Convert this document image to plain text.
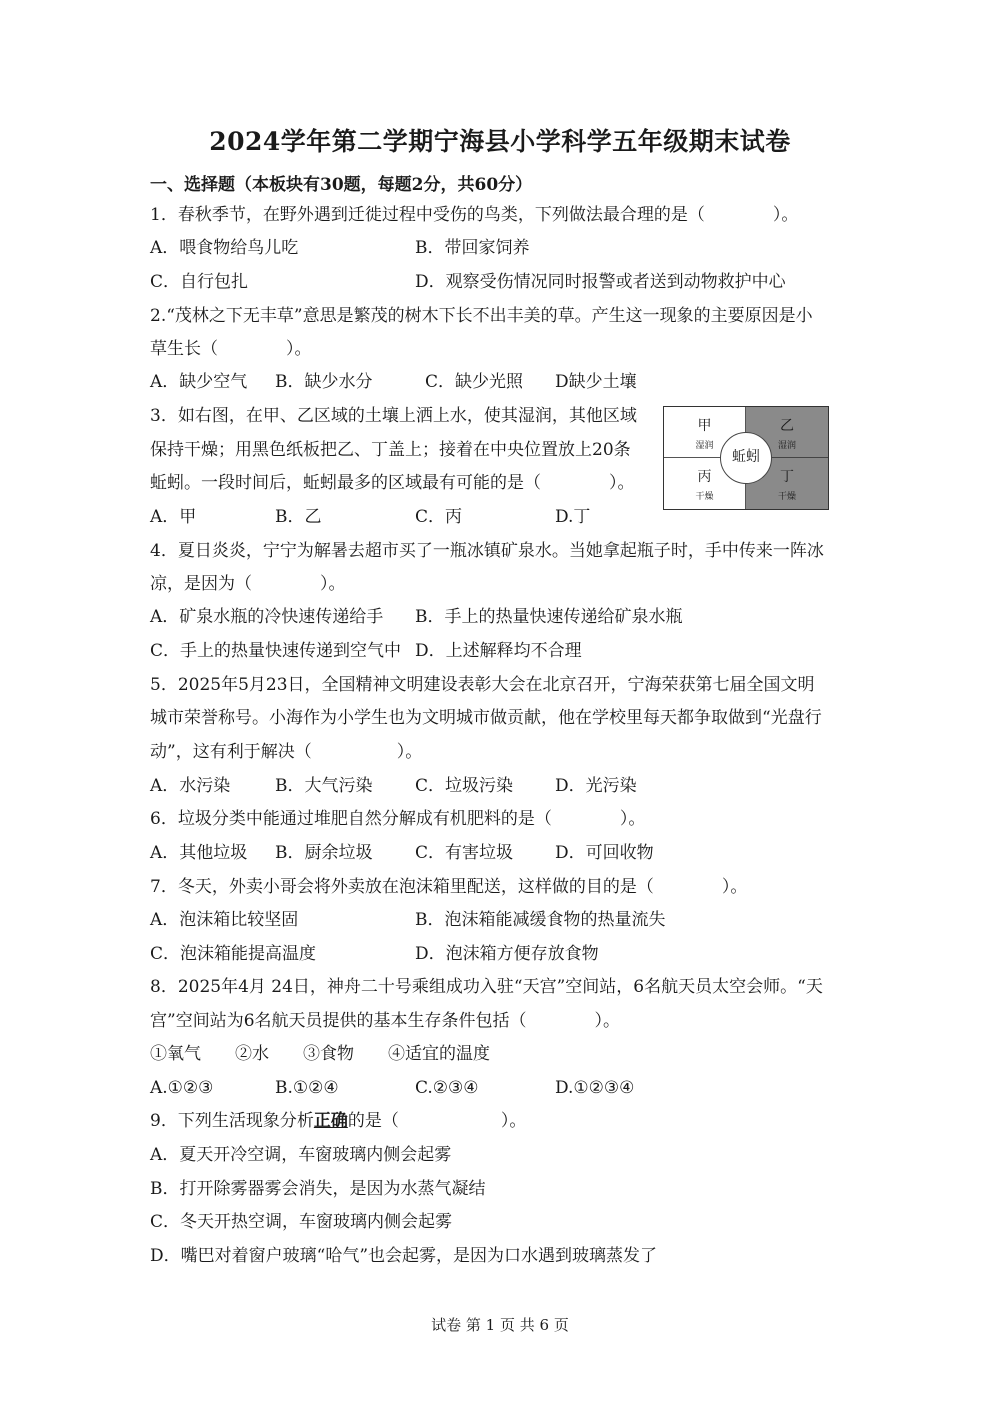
2024学年第二学期宁海县小学科学五年级期末试卷
一、选择题（本板块有30题，每题2分，共60分）
1．春秋季节，在野外遇到迁徙过程中受伤的鸟类，下列做法最合理的是（　　　　）。
A．喂食物给鸟儿吃	B．带回家饲养
C．自行包扎	D．观察受伤情况同时报警或者送到动物救护中心
2.“茂林之下无丰草”意思是繁茂的树木下长不出丰美的草。产生这一现象的主要原因是小
草生长（　　　　）。
A．缺少空气 B．缺少水分	C．缺少光照 D缺少土壤
3．如右图，在甲、乙区域的土壤上洒上水，使其湿润，其他区域
保持干燥；用黑色纸板把乙、丁盖上；接着在中央位置放上20条
蚯蚓。一段时间后，蚯蚓最多的区域最有可能的是（　　　　）。
A．甲	B．乙	C．丙	D.丁
甲
湿润
乙
湿润
丙
干燥
丁
干燥
蚯蚓
4．夏日炎炎，宁宁为解暑去超市买了一瓶冰镇矿泉水。当她拿起瓶子时，手中传来一阵冰
凉，是因为（　　　　）。
A．矿泉水瓶的冷快速传递给手 B．手上的热量快速传递给矿泉水瓶
C．手上的热量快速传递到空气中 D．上述解释均不合理
5．2025年5月23日，全国精神文明建设表彰大会在北京召开，宁海荣获第七届全国文明
城市荣誉称号。小海作为小学生也为文明城市做贡献，他在学校里每天都争取做到“光盘行
动”，这有利于解决（　　　　　）。
A．水污染	B．大气污染	C．垃圾污染 D．光污染
6．垃圾分类中能通过堆肥自然分解成有机肥料的是（　　　　）。
A．其他垃圾 B．厨余垃圾	C．有害垃圾 D．可回收物
7．冬天，外卖小哥会将外卖放在泡沫箱里配送，这样做的目的是（　　　　）。
A．泡沫箱比较坚固	B．泡沫箱能减缓食物的热量流失
C．泡沫箱能提高温度	D．泡沫箱方便存放食物
8．2025年4月 24日，神舟二十号乘组成功入驻“天宫”空间站，6名航天员太空会师。“天
宫”空间站为6名航天员提供的基本生存条件包括（　　　　）。
①氧气　　②水　　③食物　　④适宜的温度
A.①②③	B.①②④	C.②③④	D.①②③④
9．下列生活现象分析正确的是（　　　　　　）。
A．夏天开冷空调，车窗玻璃内侧会起雾
B．打开除雾器雾会消失，是因为水蒸气凝结
C．冬天开热空调，车窗玻璃内侧会起雾
D．嘴巴对着窗户玻璃“哈气”也会起雾，是因为口水遇到玻璃蒸发了
试卷 第 1 页 共 6 页
